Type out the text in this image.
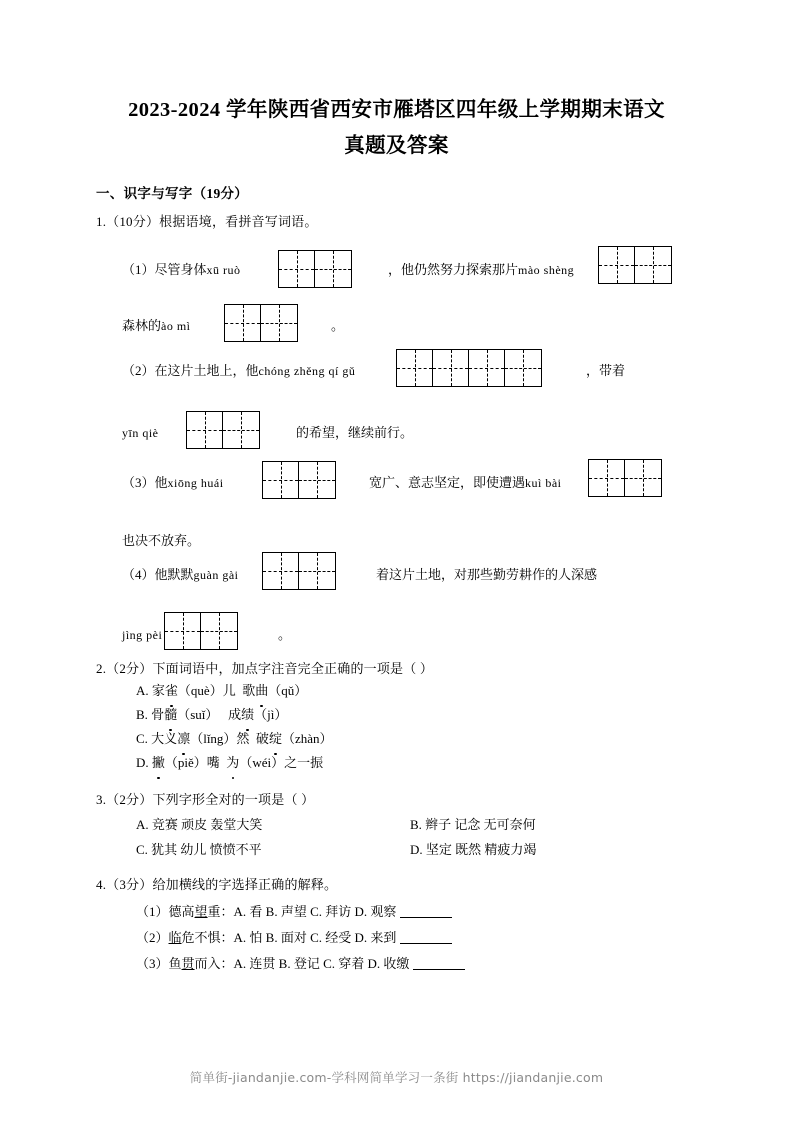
2023-2024 学年陕西省西安市雁塔区四年级上学期期末语文
真题及答案
一、识字与写字（19分）
1.（10分）根据语境，看拼音写词语。
（1）尽管身体xū ruò	，他仍然努力探索那片mào shèng
森林的ào mì	。
（2）在这片土地上，他chóng zhěng qí gǔ	，带着
yīn qiè	的希望，继续前行。
（3）他xiōng huái	宽广、意志坚定，即使遭遇kuì bài
也决不放弃。
（4）他默默guàn gài	着这片土地，对那些勤劳耕作的人深感
jìng pèi	。
2.（2分）下面词语中，加点字注音完全正确的一项是（ ）
A. 家雀（què）儿  歌曲（qǔ）
B. 骨髓（suǐ）   成绩（jì）
C. 大义凛（lǐng）然  破绽（zhàn）
D. 撇（piě）嘴  为（wéi）之一振
3.（2分）下列字形全对的一项是（ ）
A. 竞赛 顽皮 轰堂大笑	B. 辫子 记念 无可奈何
C. 犹其 幼儿 愤愤不平	D. 坚定 既然 精疲力竭
4.（3分）给加横线的字选择正确的解释。
（1）德高望重：A. 看 B. 声望 C. 拜访 D. 观察
（2）临危不惧：A. 怕 B. 面对 C. 经受 D. 来到
（3）鱼贯而入：A. 连贯 B. 登记 C. 穿着 D. 收缴
简单街-jiandanjie.com-学科网简单学习一条街 https://jiandanjie.com
